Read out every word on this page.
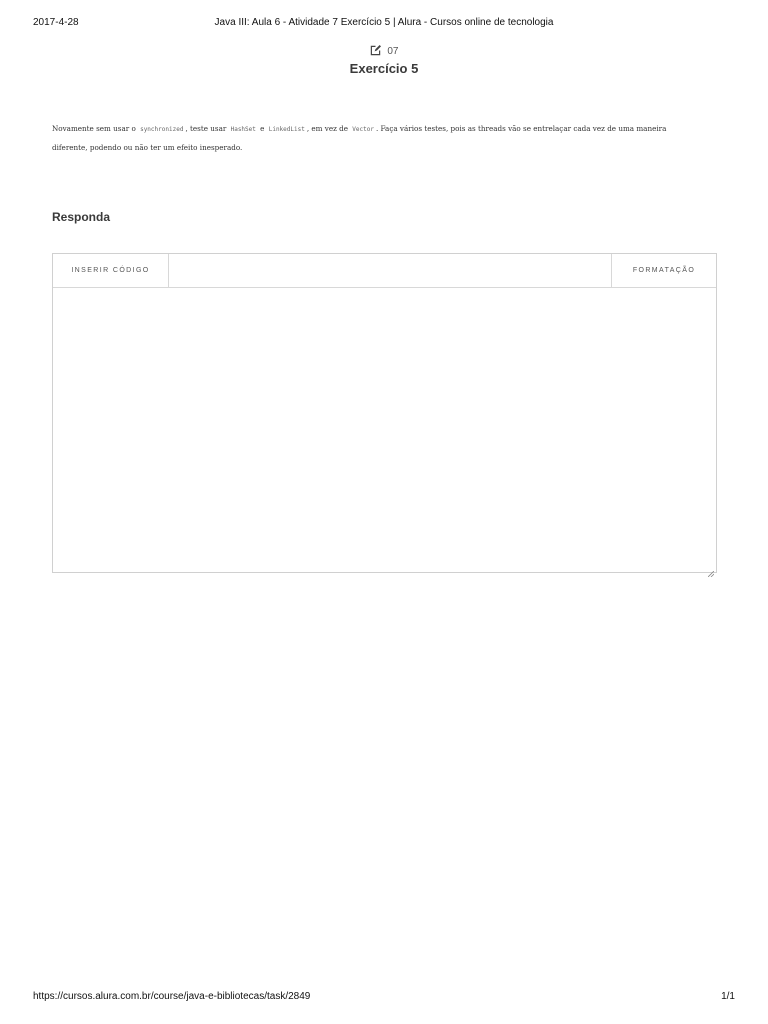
2017-4-28	Java III: Aula 6 - Atividade 7 Exercício 5 | Alura - Cursos online de tecnologia
07
Exercício 5
Novamente sem usar o synchronized , teste usar HashSet e LinkedList , em vez de Vector . Faça vários testes, pois as threads vão se entrelaçar cada vez de uma maneira diferente, podendo ou não ter um efeito inesperado.
Responda
INSERIR CÓDIGO	FORMATAÇÃO
https://cursos.alura.com.br/course/java-e-bibliotecas/task/2849	1/1
